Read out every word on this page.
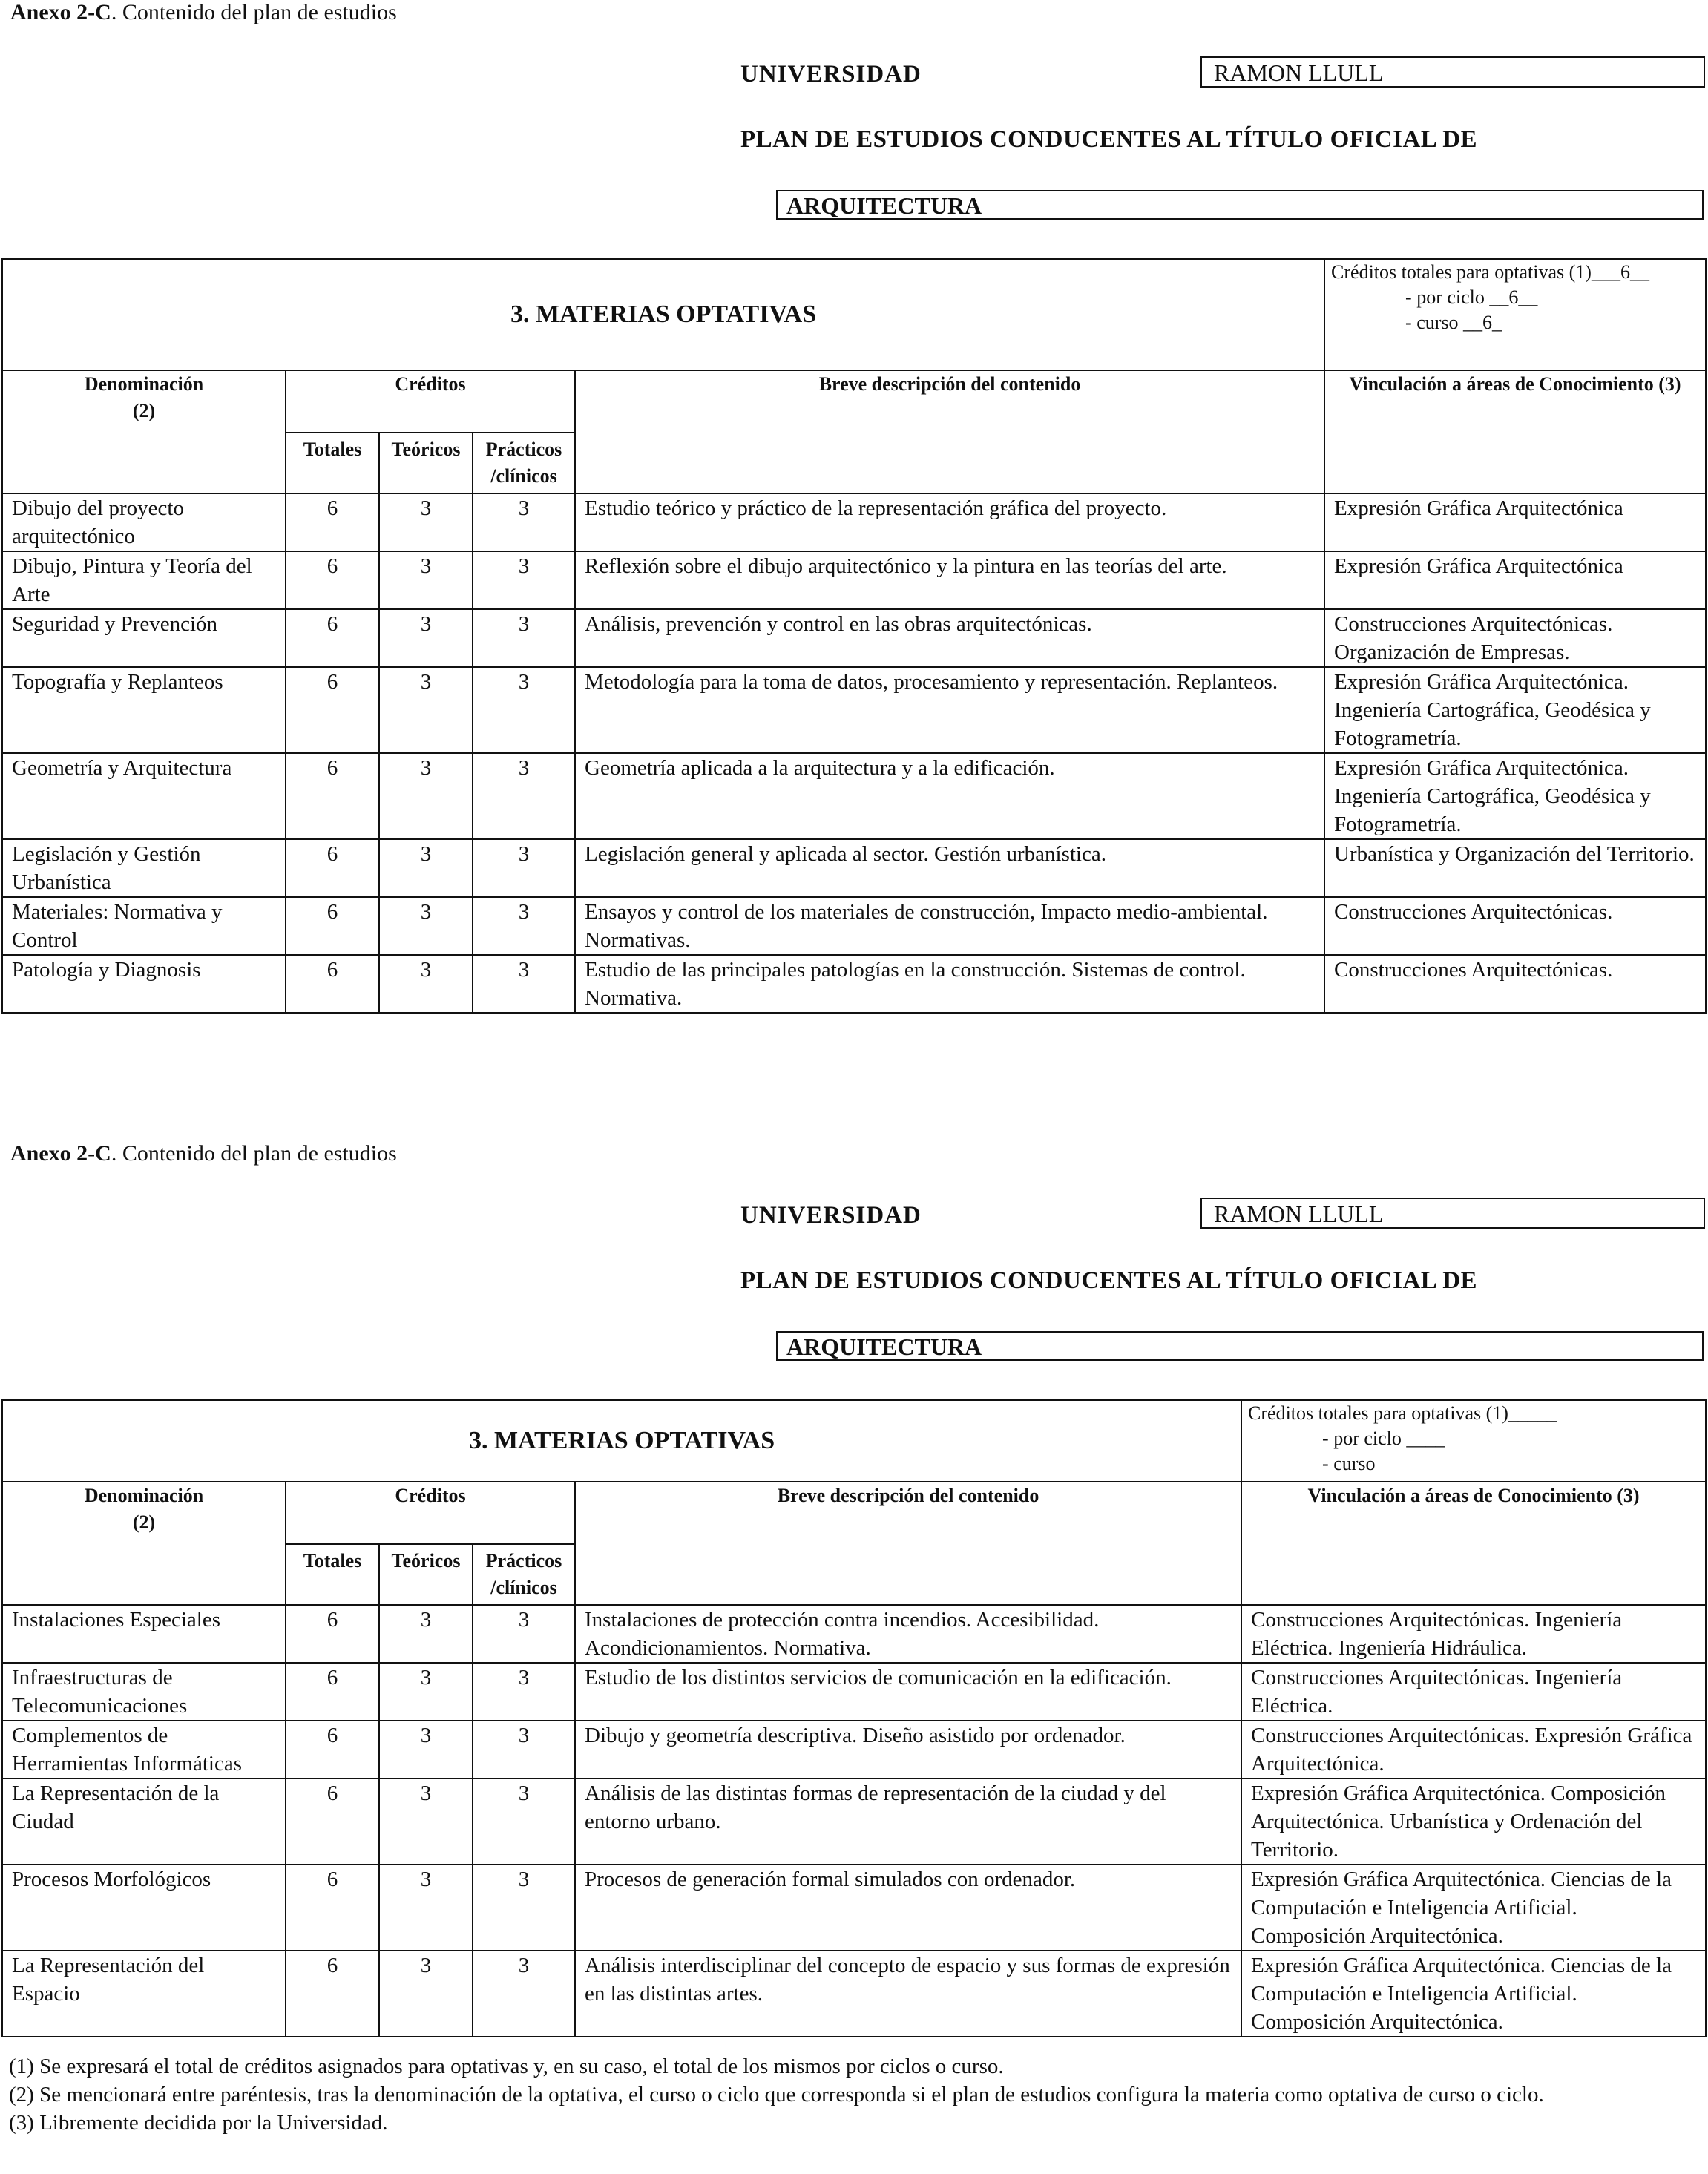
Anexo 2-C. Contenido del plan de estudios
UNIVERSIDAD	RAMON LLULL
PLAN DE ESTUDIOS CONDUCENTES AL TÍTULO OFICIAL DE
ARQUITECTURA
3. MATERIAS OPTATIVAS					Créditos totales para optativas (1)___6__
- por ciclo __6__
- curso __6_

Denominación
(2)	Créditos			Breve descripción del contenido	Vinculación a áreas de Conocimiento (3)
	Totales	Teóricos	Prácticos /clínicos		
Dibujo del proyecto arquitectónico	6	3	3	Estudio teórico y práctico de la representación gráfica del proyecto.	Expresión Gráfica Arquitectónica
Dibujo, Pintura y Teoría del Arte	6	3	3	Reflexión sobre el dibujo arquitectónico y la pintura en las teorías del arte.	Expresión Gráfica Arquitectónica
Seguridad y Prevención	6	3	3	Análisis, prevención y control en las obras arquitectónicas.	Construcciones Arquitectónicas. Organización de Empresas.
Topografía y Replanteos	6	3	3	Metodología para la toma de datos, procesamiento y representación. Replanteos.	Expresión Gráfica Arquitectónica. Ingeniería Cartográfica, Geodésica y Fotogrametría.
Geometría y Arquitectura	6	3	3	Geometría aplicada a la arquitectura y a la edificación.	Expresión Gráfica Arquitectónica. Ingeniería Cartográfica, Geodésica y Fotogrametría.
Legislación y Gestión Urbanística	6	3	3	Legislación general y aplicada al sector. Gestión urbanística.	Urbanística y Organización del Territorio.
Materiales: Normativa y Control	6	3	3	Ensayos y control de los materiales de construcción, Impacto medio-ambiental. Normativas.	Construcciones Arquitectónicas.
Patología y Diagnosis	6	3	3	Estudio de las principales patologías en la construcción. Sistemas de control. Normativa.	Construcciones Arquitectónicas.
Anexo 2-C. Contenido del plan de estudios
UNIVERSIDAD	RAMON LLULL
PLAN DE ESTUDIOS CONDUCENTES AL TÍTULO OFICIAL DE
ARQUITECTURA
3. MATERIAS OPTATIVAS					Créditos totales para optativas (1)_____
- por ciclo ____
- curso

Denominación
(2)	Créditos			Breve descripción del contenido	Vinculación a áreas de Conocimiento (3)
	Totales	Teóricos	Prácticos /clínicos		
Instalaciones Especiales	6	3	3	Instalaciones de protección contra incendios. Accesibilidad. Acondicionamientos. Normativa.	Construcciones Arquitectónicas. Ingeniería Eléctrica. Ingeniería Hidráulica.
Infraestructuras de Telecomunicaciones	6	3	3	Estudio de los distintos servicios de comunicación en la edificación.	Construcciones Arquitectónicas. Ingeniería Eléctrica.
Complementos de Herramientas Informáticas	6	3	3	Dibujo y geometría descriptiva. Diseño asistido por ordenador.	Construcciones Arquitectónicas. Expresión Gráfica Arquitectónica.
La Representación de la Ciudad	6	3	3	Análisis de las distintas formas de representación de la ciudad y del entorno urbano.	Expresión Gráfica Arquitectónica. Composición Arquitectónica. Urbanística y Ordenación del Territorio.
Procesos Morfológicos	6	3	3	Procesos de generación formal simulados con ordenador.	Expresión Gráfica Arquitectónica. Ciencias de la Computación e Inteligencia Artificial. Composición Arquitectónica.
La Representación del Espacio	6	3	3	Análisis interdisciplinar del concepto de espacio y sus formas de expresión en las distintas artes.	Expresión Gráfica Arquitectónica. Ciencias de la Computación e Inteligencia Artificial. Composición Arquitectónica.

(1) Se expresará el total de créditos asignados para optativas y, en su caso, el total de los mismos por ciclos o curso.

(2) Se mencionará entre paréntesis, tras la denominación de la optativa, el curso o ciclo que corresponda si el plan de estudios configura la materia como optativa de curso o ciclo.

(3) Libremente decidida por la Universidad.
